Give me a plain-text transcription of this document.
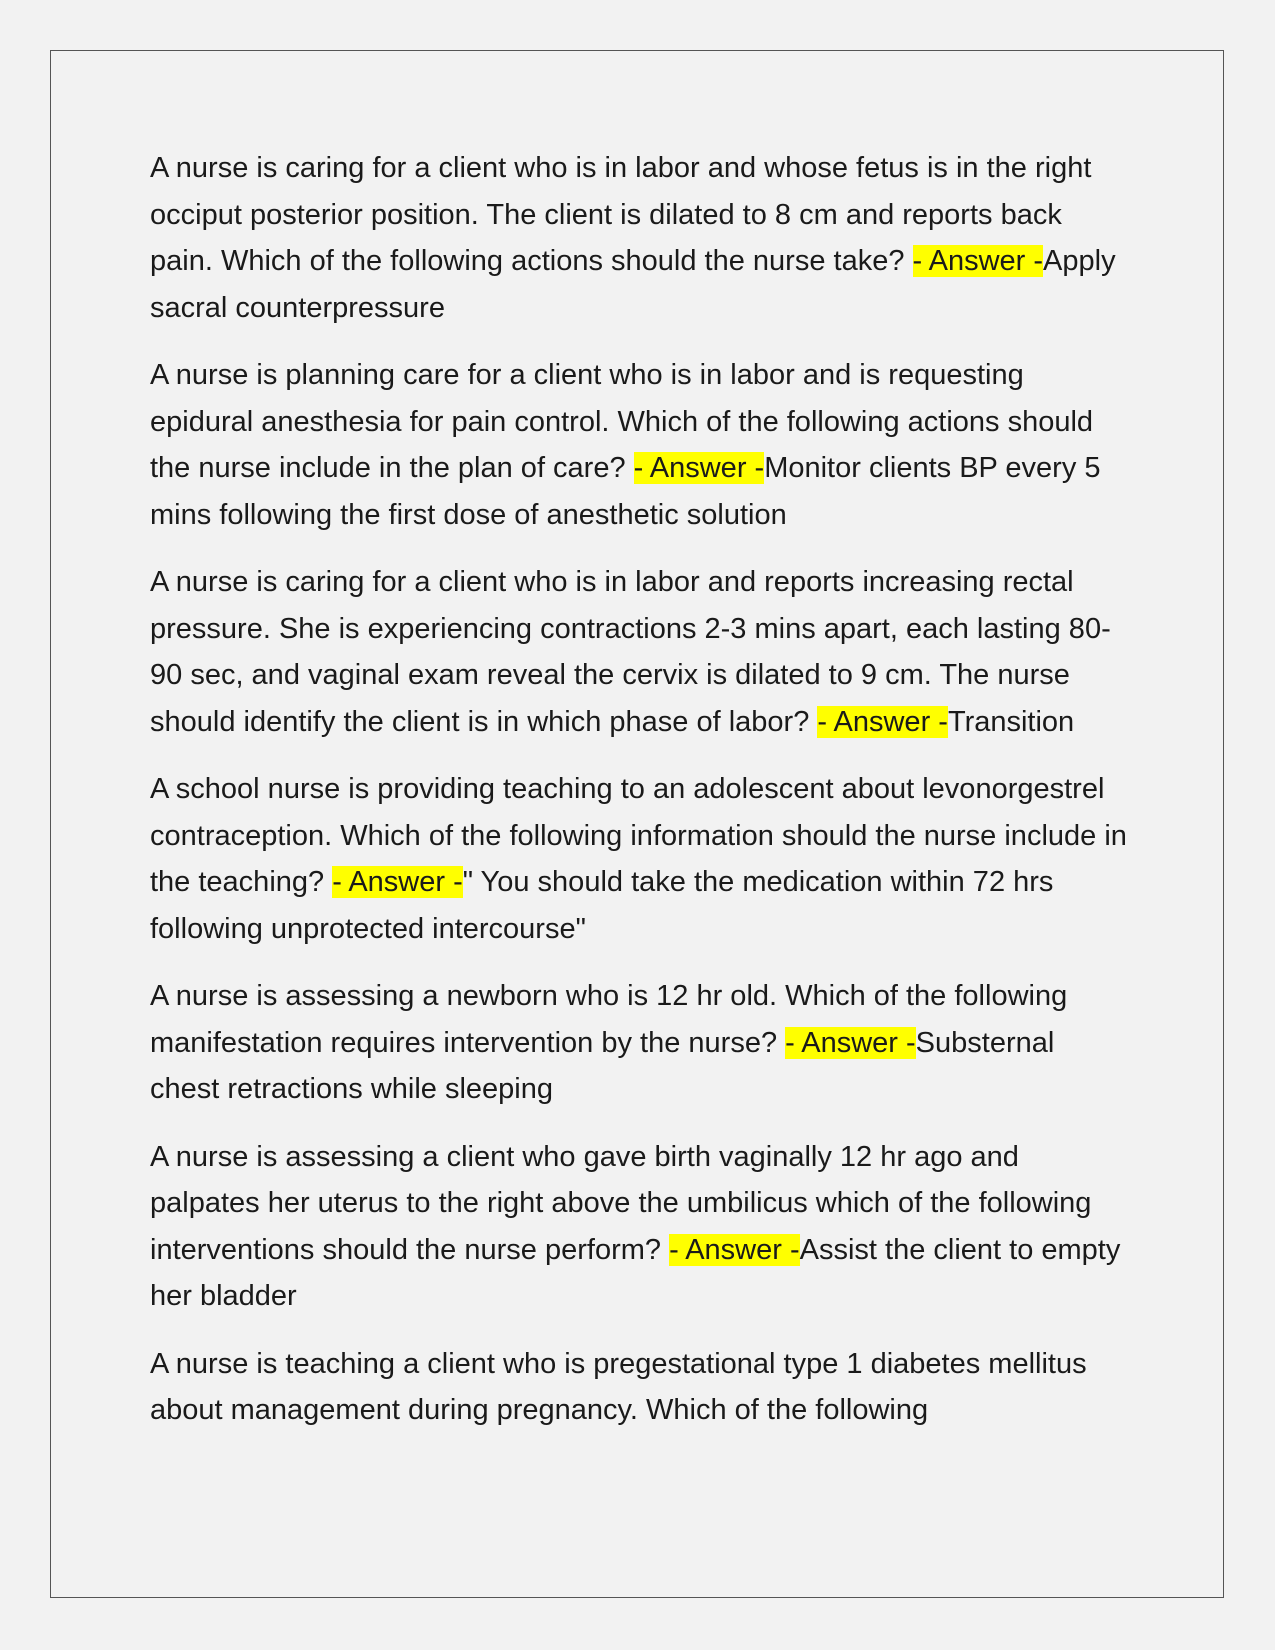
A nurse is caring for a client who is in labor and whose fetus is in the right occiput posterior position. The client is dilated to 8 cm and reports back pain. Which of the following actions should the nurse take? - Answer -Apply sacral counterpressure

A nurse is planning care for a client who is in labor and is requesting epidural anesthesia for pain control. Which of the following actions should the nurse include in the plan of care? - Answer -Monitor clients BP every 5 mins following the first dose of anesthetic solution

A nurse is caring for a client who is in labor and reports increasing rectal pressure. She is experiencing contractions 2-3 mins apart, each lasting 80-90 sec, and vaginal exam reveal the cervix is dilated to 9 cm. The nurse should identify the client is in which phase of labor? - Answer -Transition

A school nurse is providing teaching to an adolescent about levonorgestrel contraception. Which of the following information should the nurse include in the teaching? - Answer -" You should take the medication within 72 hrs following unprotected intercourse"

A nurse is assessing a newborn who is 12 hr old. Which of the following manifestation requires intervention by the nurse? - Answer -Substernal chest retractions while sleeping

A nurse is assessing a client who gave birth vaginally 12 hr ago and palpates her uterus to the right above the umbilicus which of the following interventions should the nurse perform? - Answer -Assist the client to empty her bladder

A nurse is teaching a client who is pregestational type 1 diabetes mellitus about management during pregnancy. Which of the following
